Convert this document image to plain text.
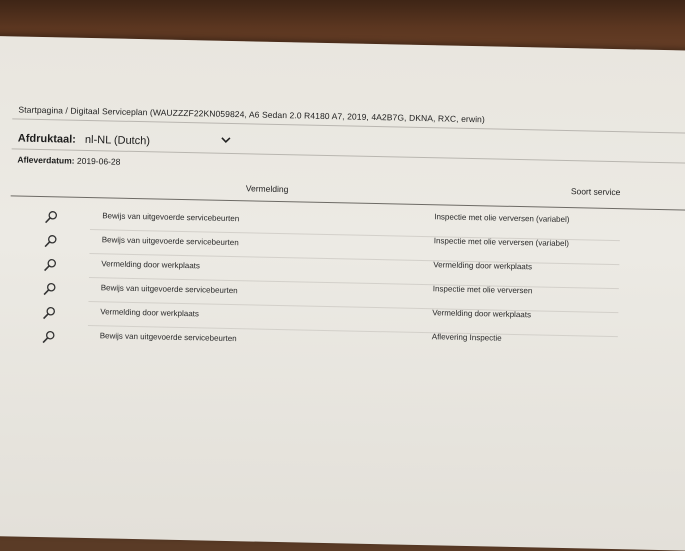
Startpagina / Digitaal Serviceplan (WAUZZZF22KN059824, A6 Sedan 2.0 R4180 A7, 2019, 4A2B7G, DKNA, RXC, erwin)
Afdruktaal: nl-NL (Dutch)
Afleverdatum: 2019-06-28
Vermelding	Soort service
Bewijs van uitgevoerde servicebeurten	Inspectie met olie verversen (variabel)
Bewijs van uitgevoerde servicebeurten	Inspectie met olie verversen (variabel)
Vermelding door werkplaats	Vermelding door werkplaats
Bewijs van uitgevoerde servicebeurten	Inspectie met olie verversen
Vermelding door werkplaats	Vermelding door werkplaats
Bewijs van uitgevoerde servicebeurten	Aflevering Inspectie
